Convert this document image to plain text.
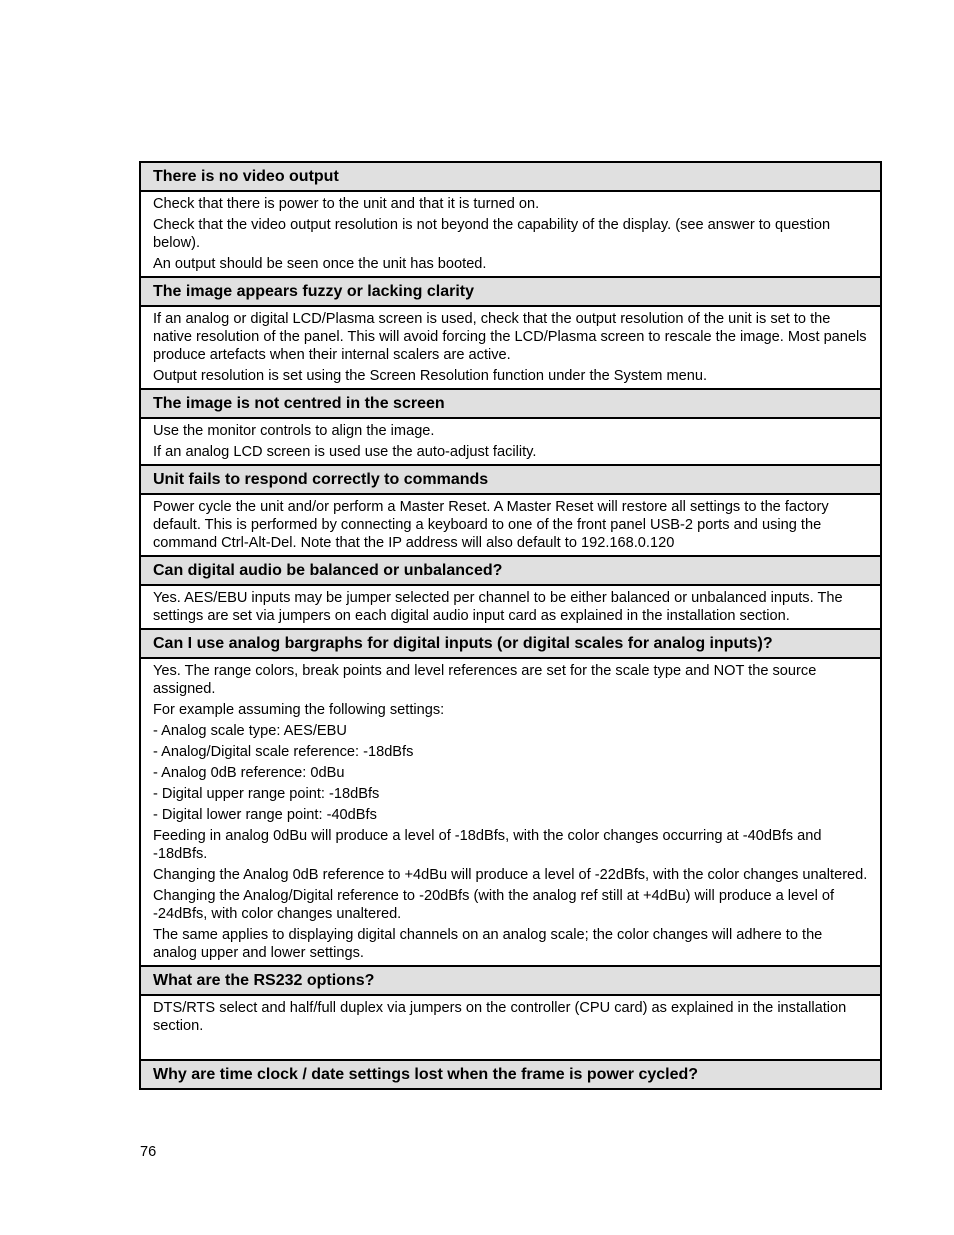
There is no video output

Check that there is power to the unit and that it is turned on.

Check that the video output resolution is not beyond the capability of the display. (see answer to question below).

An output should be seen once the unit has booted.

The image appears fuzzy or lacking clarity

If an analog or digital LCD/Plasma screen is used, check that the output resolution of the unit is set to the native resolution of the panel. This will avoid forcing the LCD/Plasma screen to rescale the image. Most panels produce artefacts when their internal scalers are active.

Output resolution is set using the Screen Resolution function under the System menu.

The image is not centred in the screen

Use the monitor controls to align the image.

If an analog LCD screen is used use the auto-adjust facility.

Unit fails to respond correctly to commands

Power cycle the unit and/or perform a Master Reset. A Master Reset will restore all settings to the factory default. This is performed by connecting a keyboard to one of the front panel USB-2 ports and using the command Ctrl-Alt-Del. Note that the IP address will also default to 192.168.0.120

Can digital audio be balanced or unbalanced?

Yes. AES/EBU inputs may be jumper selected per channel to be either balanced or unbalanced inputs. The settings are set via jumpers on each digital audio input card as explained in the installation section.

Can I use analog bargraphs for digital inputs (or digital scales for analog inputs)?

Yes. The range colors, break points and level references are set for the scale type and NOT the source assigned.

For example assuming the following settings:

- Analog scale type: AES/EBU

- Analog/Digital scale reference: -18dBfs

- Analog 0dB reference: 0dBu

- Digital upper range point: -18dBfs

- Digital lower range point: -40dBfs

Feeding in analog 0dBu will produce a level of -18dBfs, with the color changes occurring at -40dBfs and -18dBfs.

Changing the Analog 0dB reference to +4dBu will produce a level of -22dBfs, with the color changes unaltered.

Changing the Analog/Digital reference to -20dBfs (with the analog ref still at +4dBu) will produce a level of -24dBfs, with color changes unaltered.

The same applies to displaying digital channels on an analog scale; the color changes will adhere to the analog upper and lower settings.

What are the RS232 options?

DTS/RTS select and half/full duplex via jumpers on the controller (CPU card) as explained in the installation section.

Why are time clock / date settings lost when the frame is power cycled?
76
